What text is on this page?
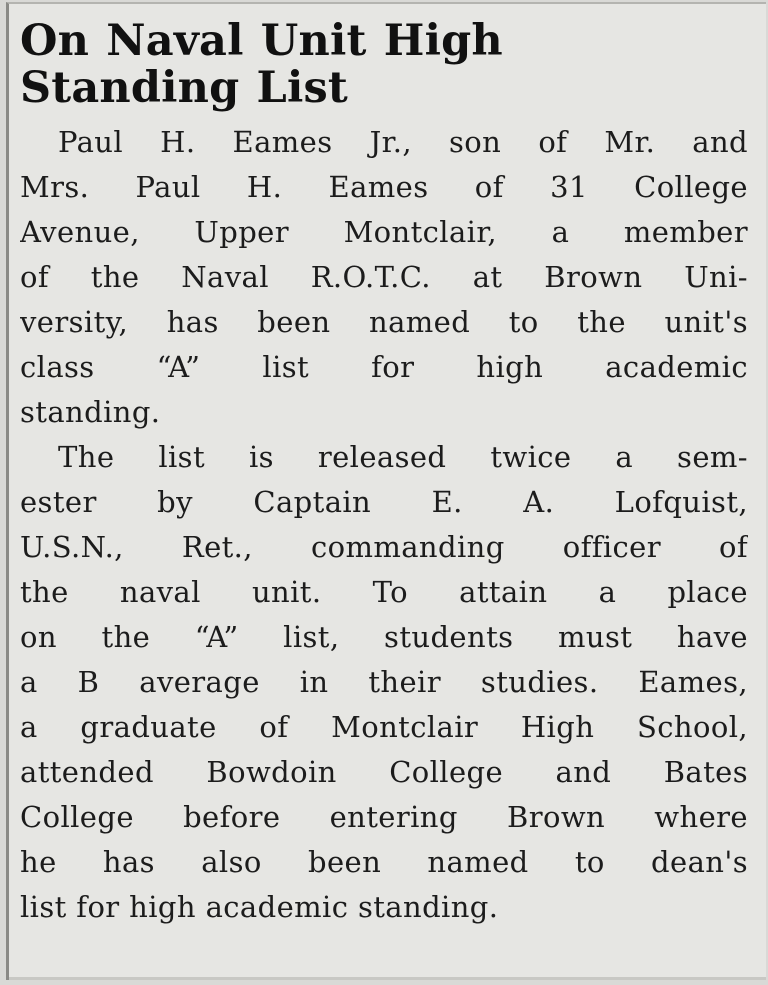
On Naval Unit High
Standing List

Paul H. Eames Jr., son of Mr. and
Mrs. Paul H. Eames of 31 College
Avenue, Upper Montclair, a member
of the Naval R.O.T.C. at Brown Uni-
versity, has been named to the unit's
class “A” list for high academic
standing.

The list is released twice a sem-
ester by Captain E. A. Lofquist,
U.S.N., Ret., commanding officer of
the naval unit. To attain a place
on the “A” list, students must have
a B average in their studies. Eames,
a graduate of Montclair High School,
attended Bowdoin College and Bates
College before entering Brown where
he has also been named to dean's
list for high academic standing.
